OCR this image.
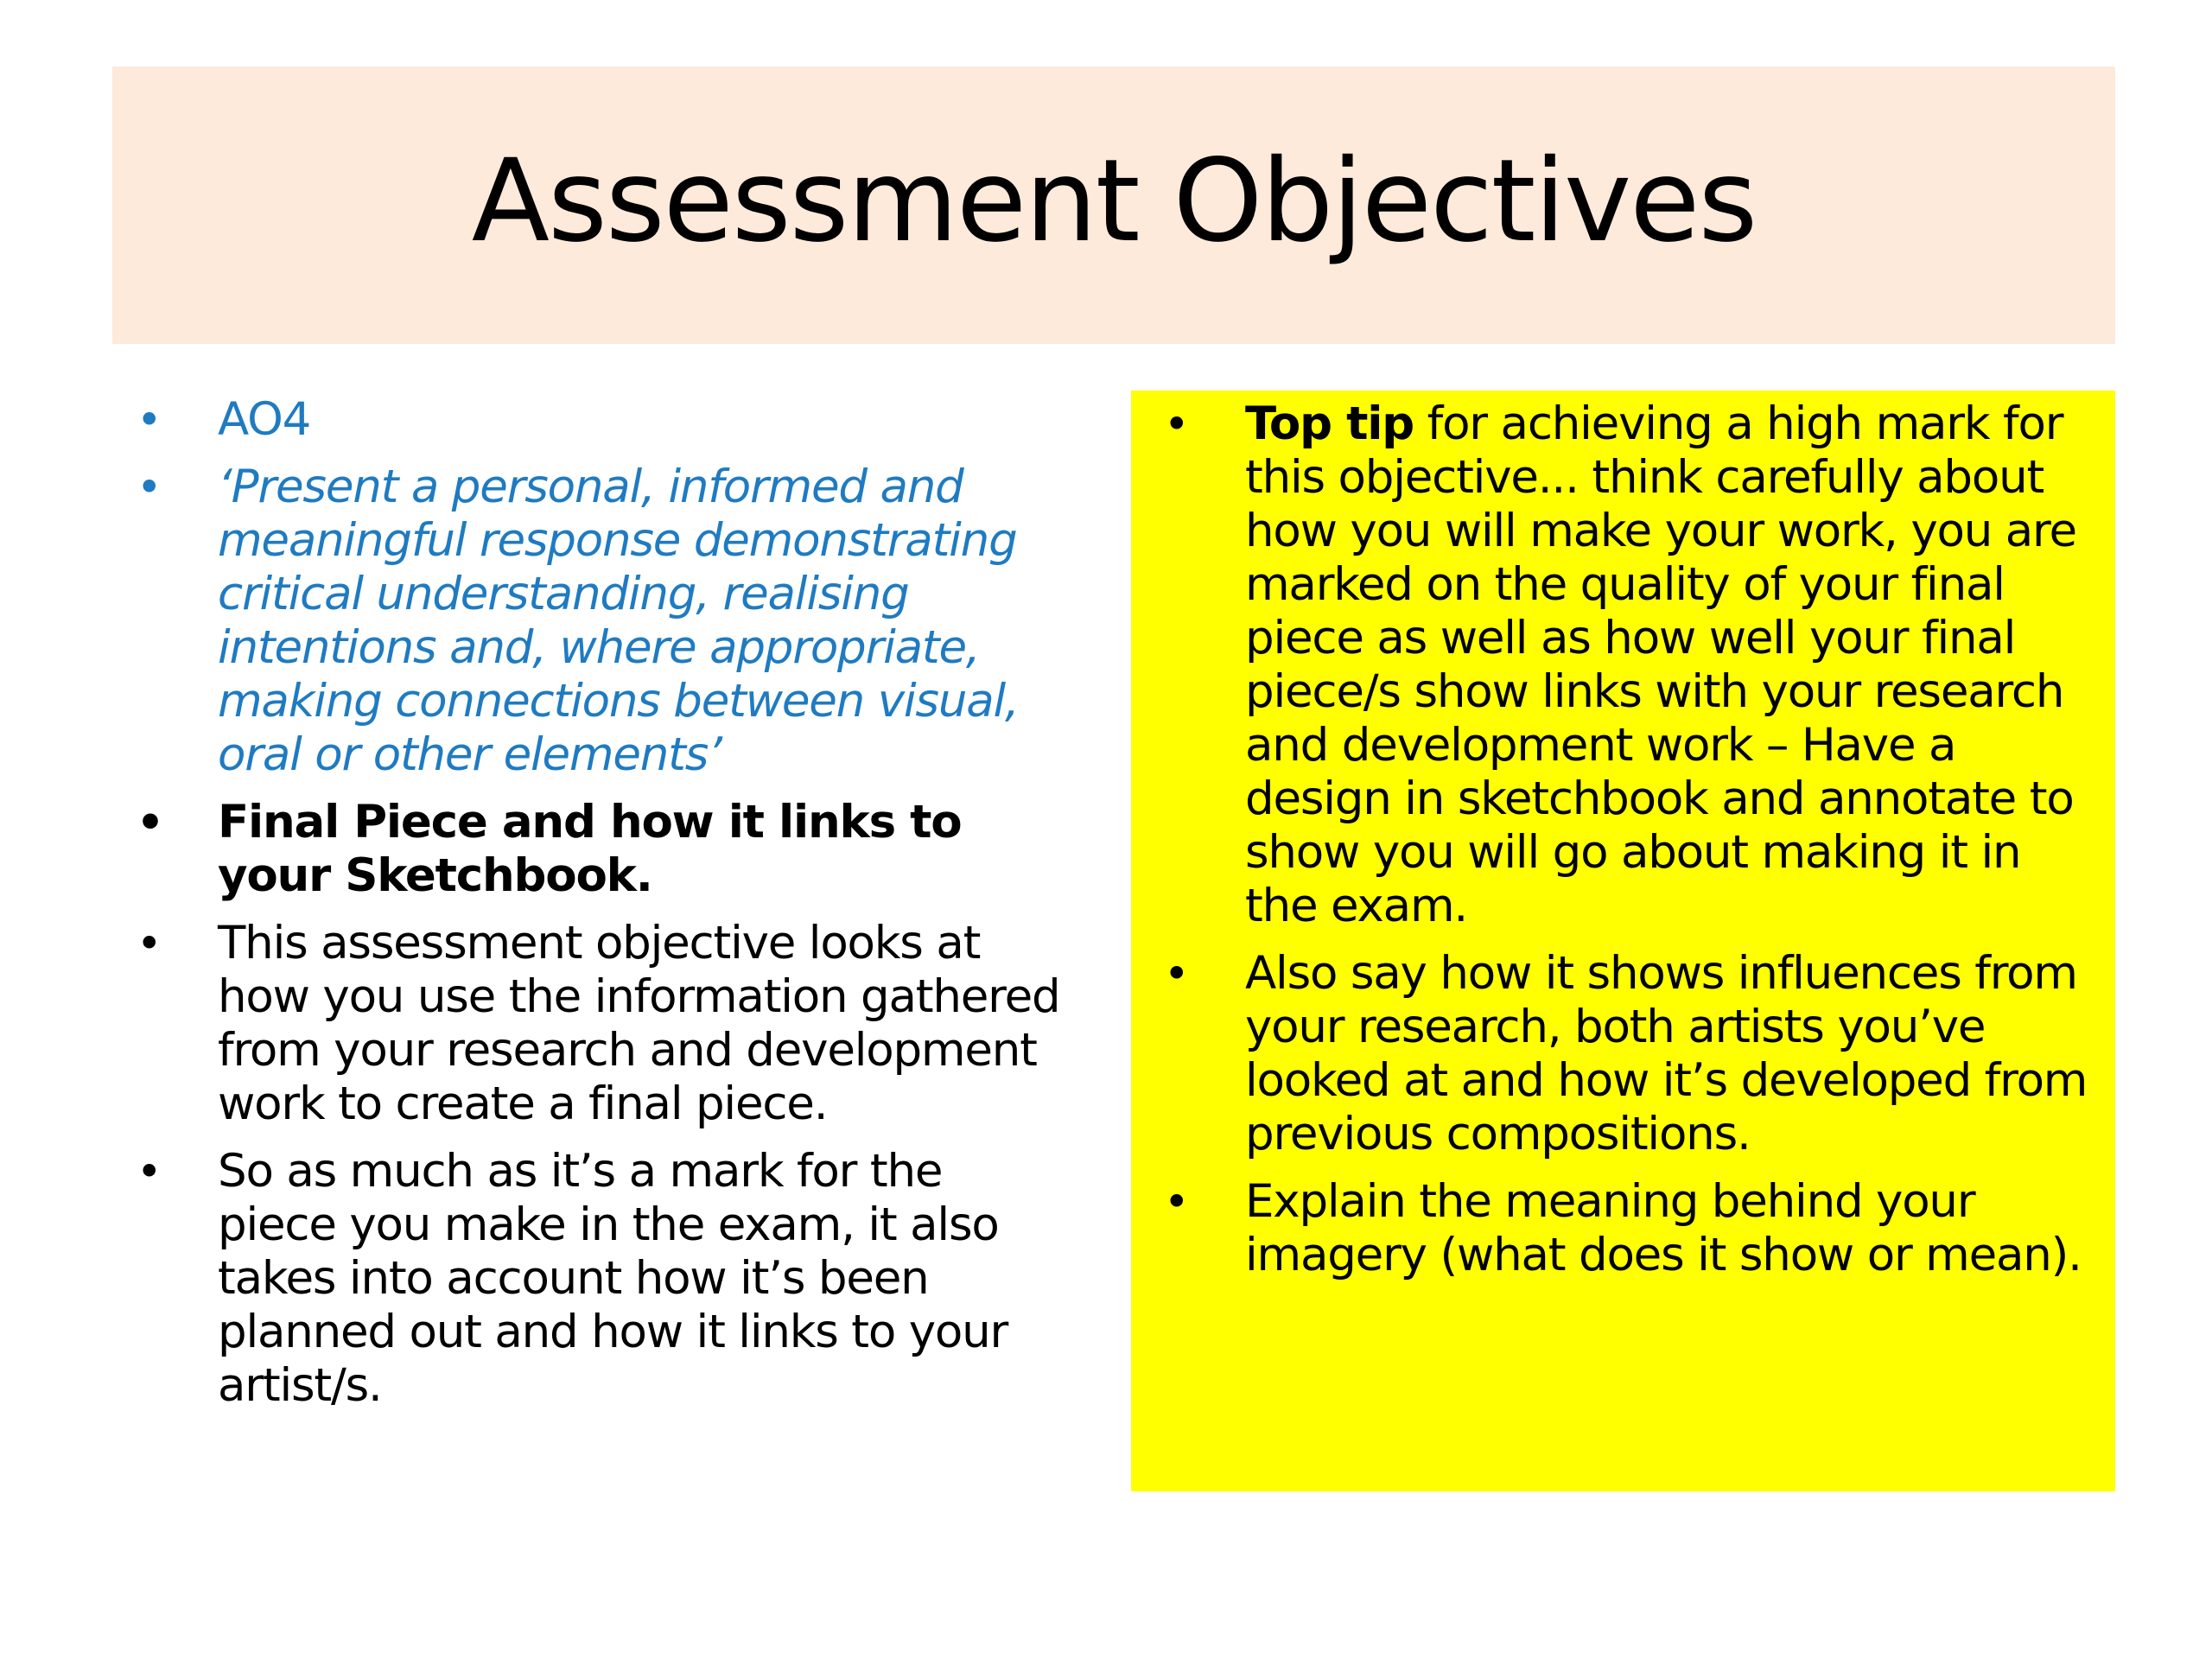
Assessment Objectives
• AO4
• ‘Present a personal, informed and meaningful response demonstrating critical understanding, realising intentions and, where appropriate, making connections between visual, oral or other elements’
• Final Piece and how it links to your Sketchbook.
• This assessment objective looks at how you use the information gathered from your research and development work to create a final piece.
• So as much as it’s a mark for the piece you make in the exam, it also takes into account how it’s been planned out and how it links to your artist/s.
• Top tip for achieving a high mark for this objective... think carefully about how you will make your work, you are marked on the quality of your final piece as well as how well your final piece/s show links with your research and development work – Have a design in sketchbook and annotate to show you will go about making it in the exam.
• Also say how it shows influences from your research, both artists you’ve looked at and how it’s developed from previous compositions.
• Explain the meaning behind your imagery (what does it show or mean).
